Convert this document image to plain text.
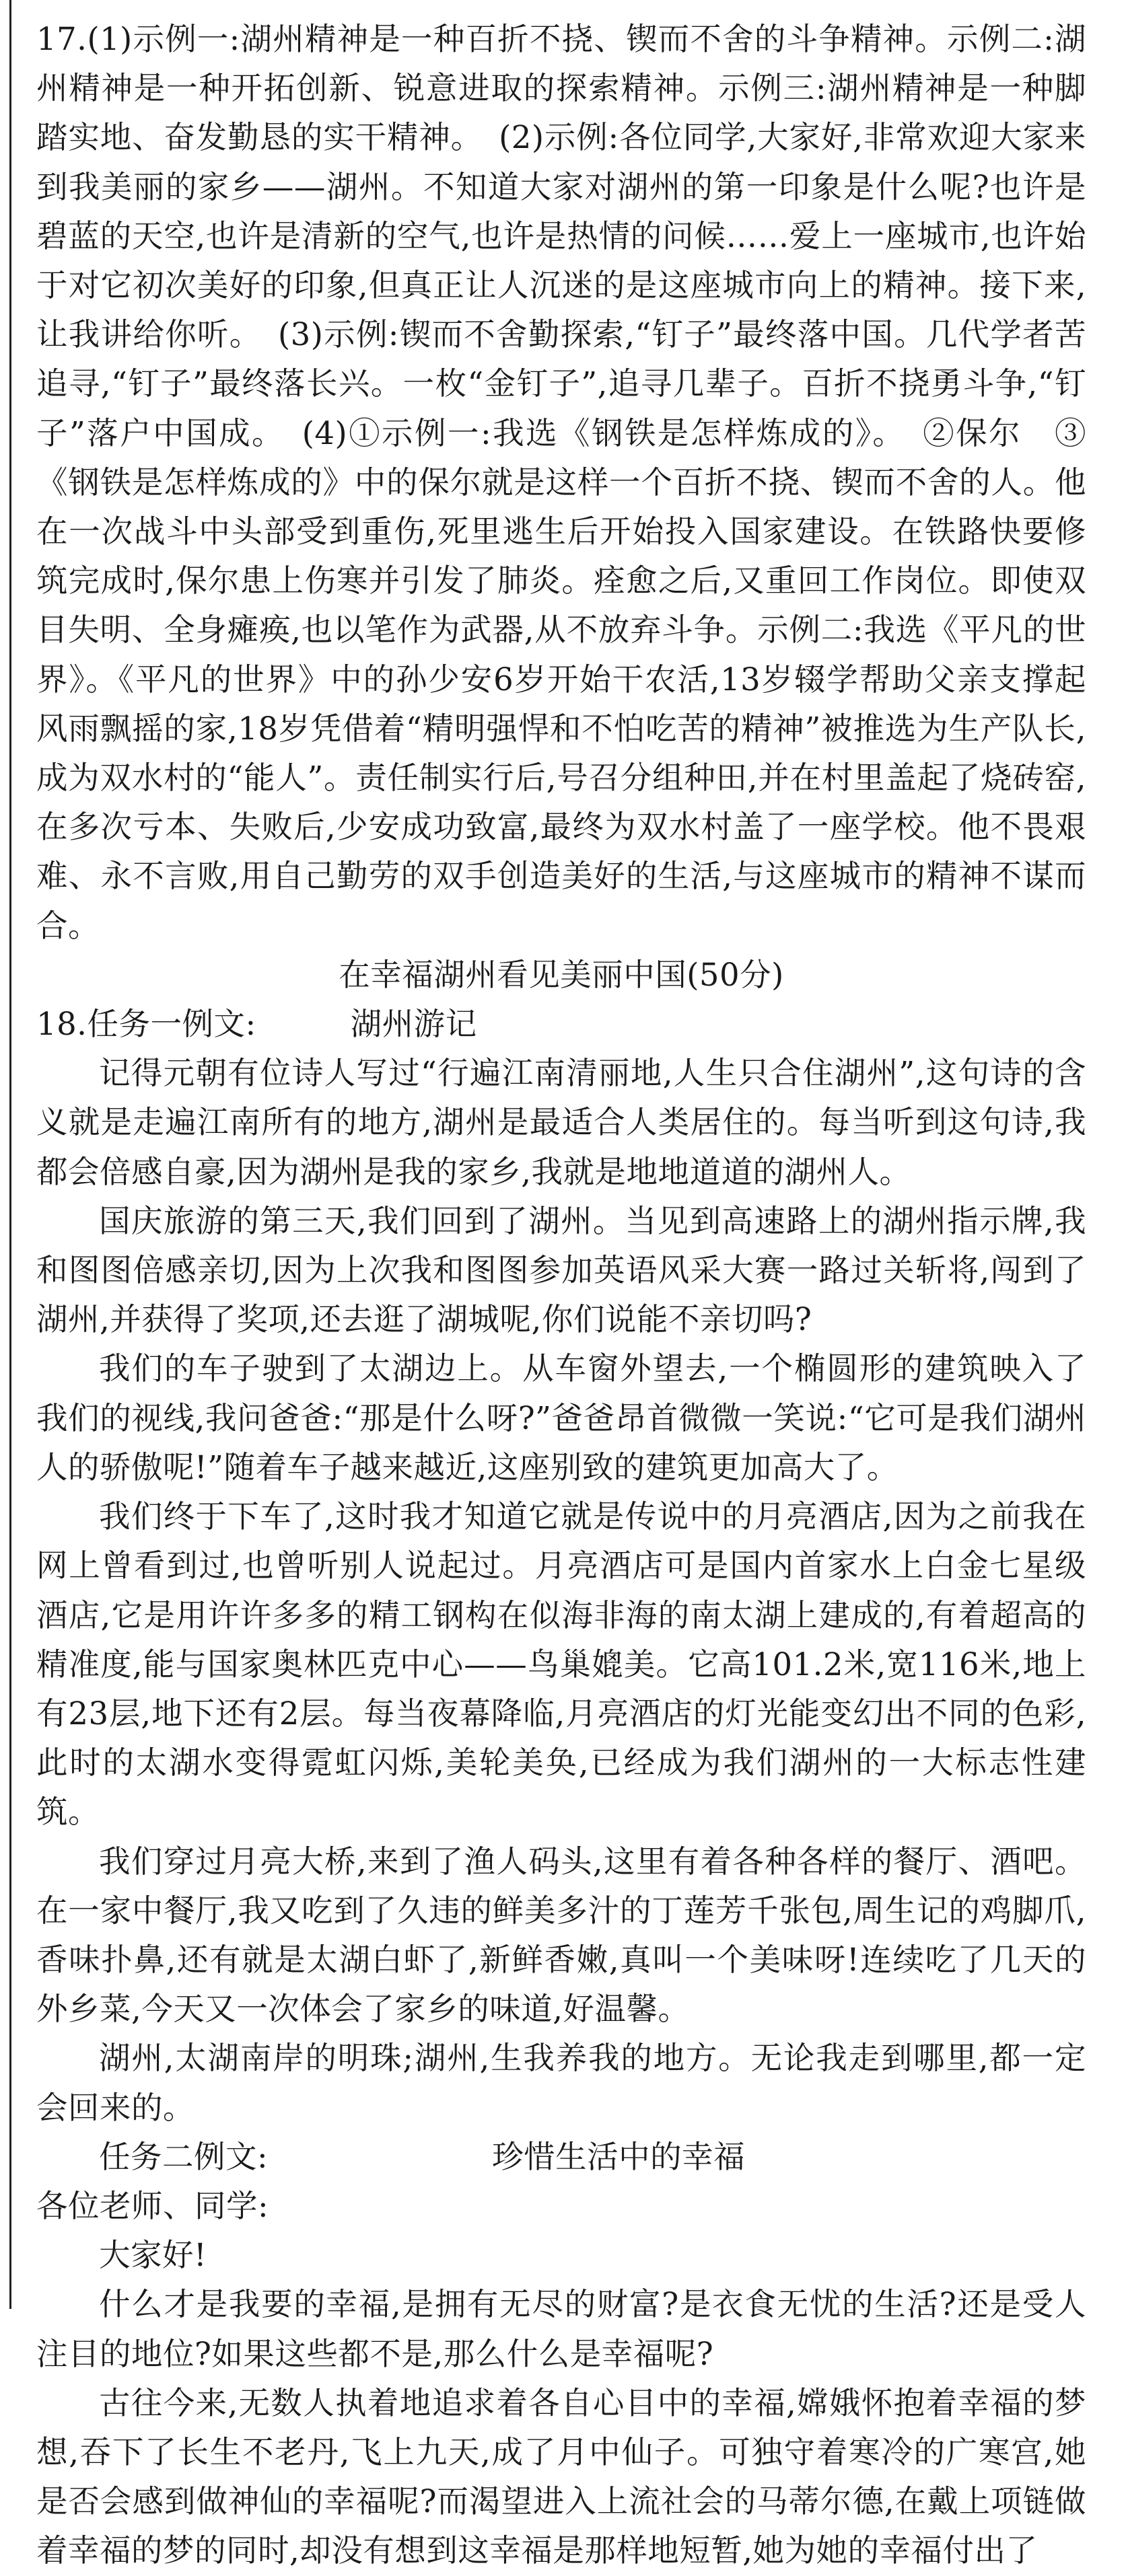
17.(1)示例一:湖州精神是一种百折不挠、锲而不舍的斗争精神。示例二:湖州精神是一种开拓创新、锐意进取的探索精神。示例三:湖州精神是一种脚踏实地、奋发勤恳的实干精神。　(2)示例:各位同学,大家好,非常欢迎大家来到我美丽的家乡——湖州。不知道大家对湖州的第一印象是什么呢?也许是碧蓝的天空,也许是清新的空气,也许是热情的问候……爱上一座城市,也许始于对它初次美好的印象,但真正让人沉迷的是这座城市向上的精神。接下来,让我讲给你听。　(3)示例:锲而不舍勤探索,“钉子”最终落中国。几代学者苦追寻,“钉子”最终落长兴。一枚“金钉子”,追寻几辈子。百折不挠勇斗争,“钉子”落户中国成。　(4)①示例一:我选《钢铁是怎样炼成的》。　②保尔　③《钢铁是怎样炼成的》中的保尔就是这样一个百折不挠、锲而不舍的人。他在一次战斗中头部受到重伤,死里逃生后开始投入国家建设。在铁路快要修筑完成时,保尔患上伤寒并引发了肺炎。痊愈之后,又重回工作岗位。即使双目失明、全身瘫痪,也以笔作为武器,从不放弃斗争。示例二:我选《平凡的世界》。《平凡的世界》中的孙少安6岁开始干农活,13岁辍学帮助父亲支撑起风雨飘摇的家,18岁凭借着“精明强悍和不怕吃苦的精神”被推选为生产队长,成为双水村的“能人”。责任制实行后,号召分组种田,并在村里盖起了烧砖窑,在多次亏本、失败后,少安成功致富,最终为双水村盖了一座学校。他不畏艰难、永不言败,用自己勤劳的双手创造美好的生活,与这座城市的精神不谋而合。

在幸福湖州看见美丽中国(50分)

18.任务一例文:	湖州游记

记得元朝有位诗人写过“行遍江南清丽地,人生只合住湖州”,这句诗的含义就是走遍江南所有的地方,湖州是最适合人类居住的。每当听到这句诗,我都会倍感自豪,因为湖州是我的家乡,我就是地地道道的湖州人。

国庆旅游的第三天,我们回到了湖州。当见到高速路上的湖州指示牌,我和图图倍感亲切,因为上次我和图图参加英语风采大赛一路过关斩将,闯到了湖州,并获得了奖项,还去逛了湖城呢,你们说能不亲切吗?

我们的车子驶到了太湖边上。从车窗外望去,一个椭圆形的建筑映入了我们的视线,我问爸爸:“那是什么呀?”爸爸昂首微微一笑说:“它可是我们湖州人的骄傲呢!”随着车子越来越近,这座别致的建筑更加高大了。

我们终于下车了,这时我才知道它就是传说中的月亮酒店,因为之前我在网上曾看到过,也曾听别人说起过。月亮酒店可是国内首家水上白金七星级酒店,它是用许许多多的精工钢构在似海非海的南太湖上建成的,有着超高的精准度,能与国家奥林匹克中心——鸟巢媲美。它高101.2米,宽116米,地上有23层,地下还有2层。每当夜幕降临,月亮酒店的灯光能变幻出不同的色彩,此时的太湖水变得霓虹闪烁,美轮美奂,已经成为我们湖州的一大标志性建筑。

我们穿过月亮大桥,来到了渔人码头,这里有着各种各样的餐厅、酒吧。在一家中餐厅,我又吃到了久违的鲜美多汁的丁莲芳千张包,周生记的鸡脚爪,香味扑鼻,还有就是太湖白虾了,新鲜香嫩,真叫一个美味呀!连续吃了几天的外乡菜,今天又一次体会了家乡的味道,好温馨。

湖州,太湖南岸的明珠;湖州,生我养我的地方。无论我走到哪里,都一定会回来的。

任务二例文:	珍惜生活中的幸福

各位老师、同学:

大家好!

什么才是我要的幸福,是拥有无尽的财富?是衣食无忧的生活?还是受人注目的地位?如果这些都不是,那么什么是幸福呢?

古往今来,无数人执着地追求着各自心目中的幸福,嫦娥怀抱着幸福的梦想,吞下了长生不老丹,飞上九天,成了月中仙子。可独守着寒冷的广寒宫,她是否会感到做神仙的幸福呢?而渴望进入上流社会的马蒂尔德,在戴上项链做着幸福的梦的同时,却没有想到这幸福是那样地短暂,她为她的幸福付出了
